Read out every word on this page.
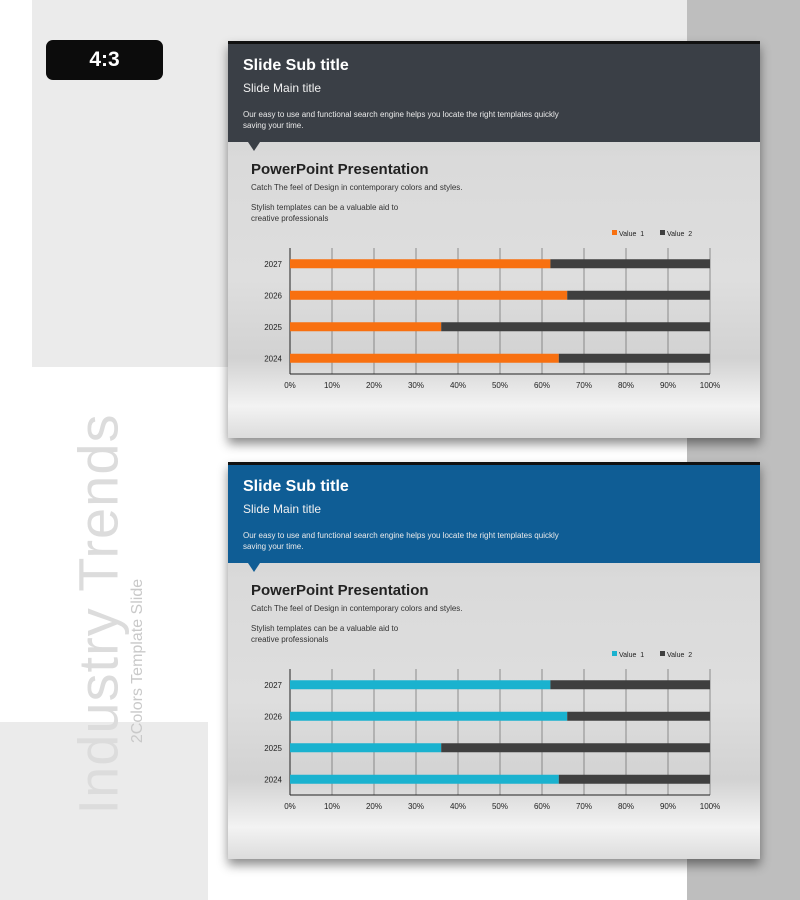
4:3
Industry Trends 2Colors Template Slide
Slide Sub title
Slide Main title
Our easy to use and functional search engine helps you locate the right templates quickly saving your time.
PowerPoint Presentation
Catch The feel of Design in contemporary colors and styles.
Stylish templates can be a valuable aid to creative professionals
0%	10%	20%	30%	40%	50%	60%	70%	80%	90%	100%
2027
2026
2025
2024
Value  1	Value  2
Slide Sub title
Slide Main title
Our easy to use and functional search engine helps you locate the right templates quickly saving your time.
PowerPoint Presentation
Catch The feel of Design in contemporary colors and styles.
Stylish templates can be a valuable aid to creative professionals
0%	10%	20%	30%	40%	50%	60%	70%	80%	90%	100%
2027
2026
2025
2024
Value  1	Value  2
